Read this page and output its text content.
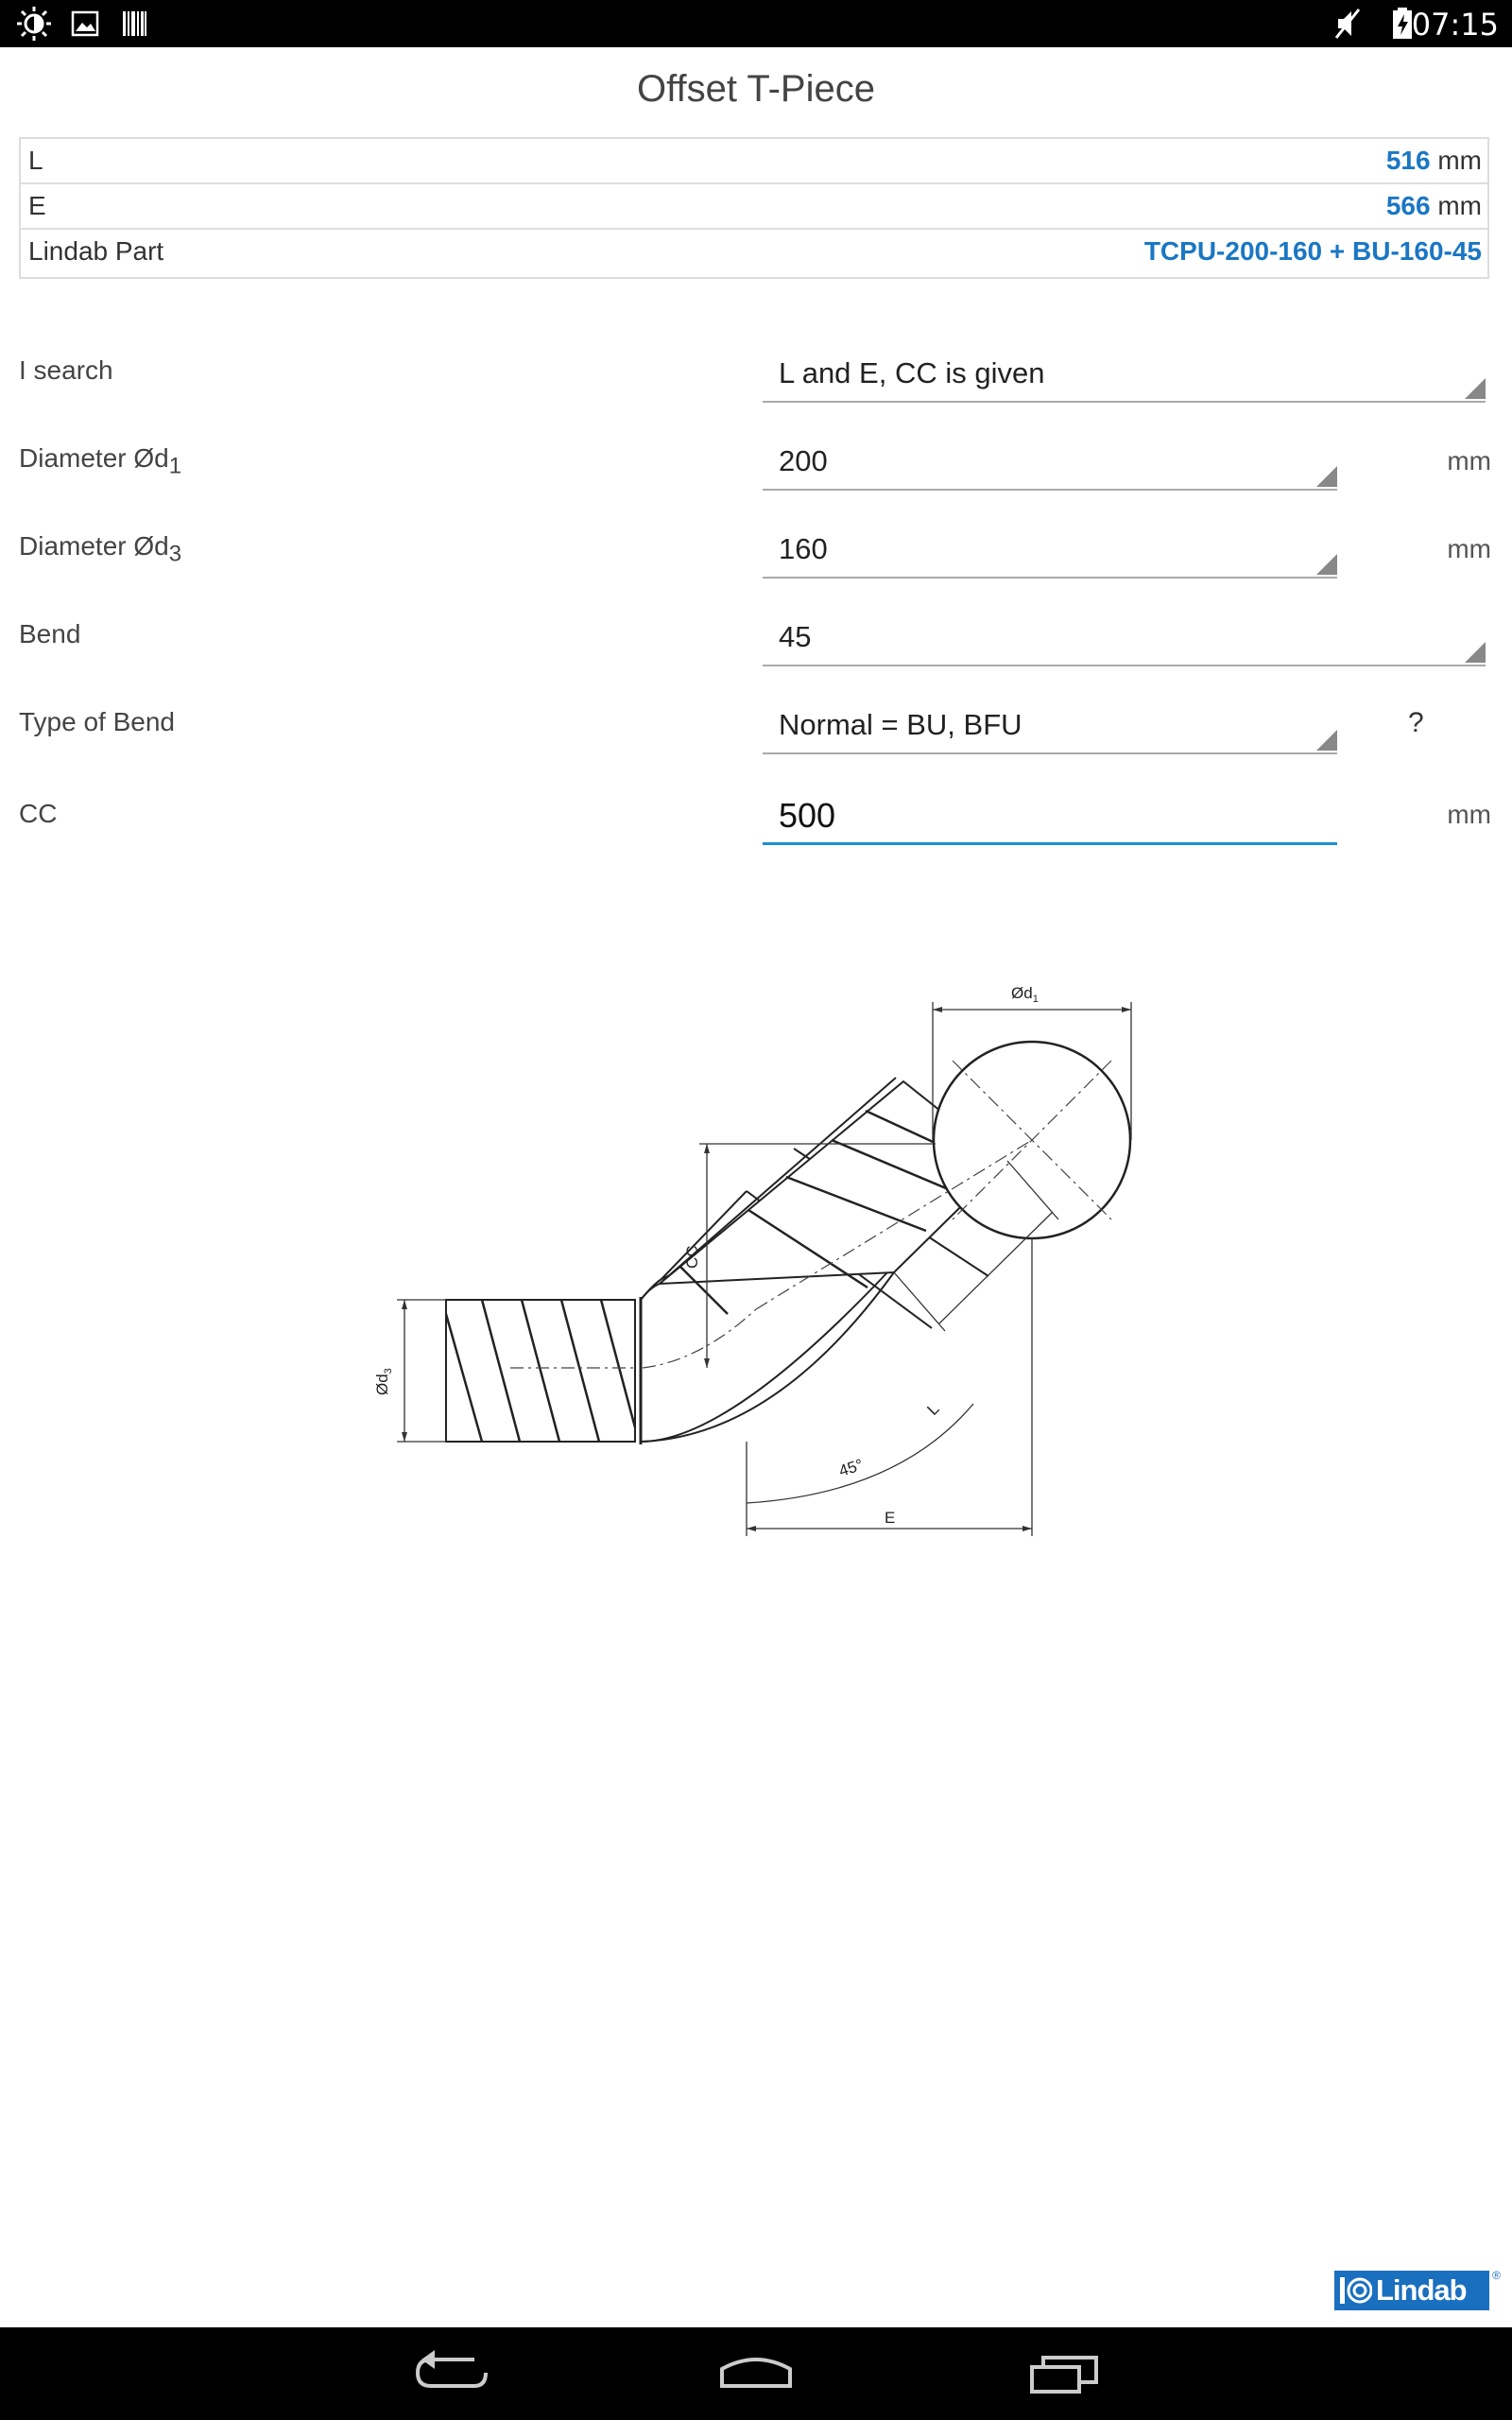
07:15
Offset T-Piece
L	516 mm
E	566 mm
Lindab Part	TCPU-200-160 + BU-160-45
I search	L and E, CC is given
Diameter $Ød_1$	200	mm
Diameter $Ød_3$	160	mm
Bend	45
Type of Bend	Normal = BU, BFU	?
CC	500	mm
$Ød_1$
$Ød_3$
CC
L
45°
E
Lindab ®
